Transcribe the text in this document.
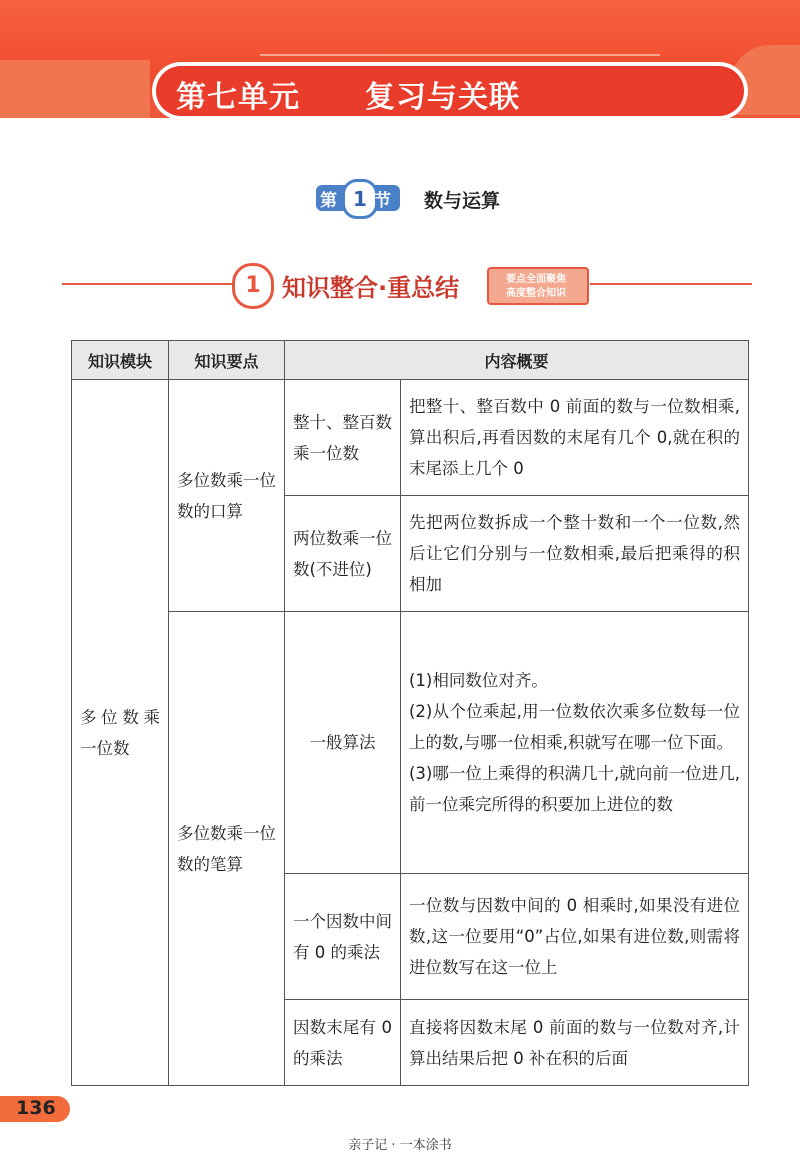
第七单元 复习与关联
第 1 节 数与运算
1 知识整合·重总结	要点全面聚焦
高度整合知识
知识模块	知识要点	内容概要	
多位数乘一位数	多位数乘一位数的口算	整十、整百数乘一位数	把整十、整百数中 0 前面的数与一位数相乘,算出积后,再看因数的末尾有几个 0,就在积的末尾添上几个 0
		两位数乘一位数(不进位)	先把两位数拆成一个整十数和一个一位数,然后让它们分别与一位数相乘,最后把乘得的积相加
	多位数乘一位数的笔算	一般算法	(1)相同数位对齐。
(2)从个位乘起,用一位数依次乘多位数每一位上的数,与哪一位相乘,积就写在哪一位下面。
(3)哪一位上乘得的积满几十,就向前一位进几,前一位乘完所得的积要加上进位的数

		一个因数中间有 0 的乘法	一位数与因数中间的 0 相乘时,如果没有进位数,这一位要用“0”占位,如果有进位数,则需将进位数写在这一位上
		因数末尾有 0 的乘法	直接将因数末尾 0 前面的数与一位数对齐,计算出结果后把 0 补在积的后面
136
亲子记 · 一本涂书
